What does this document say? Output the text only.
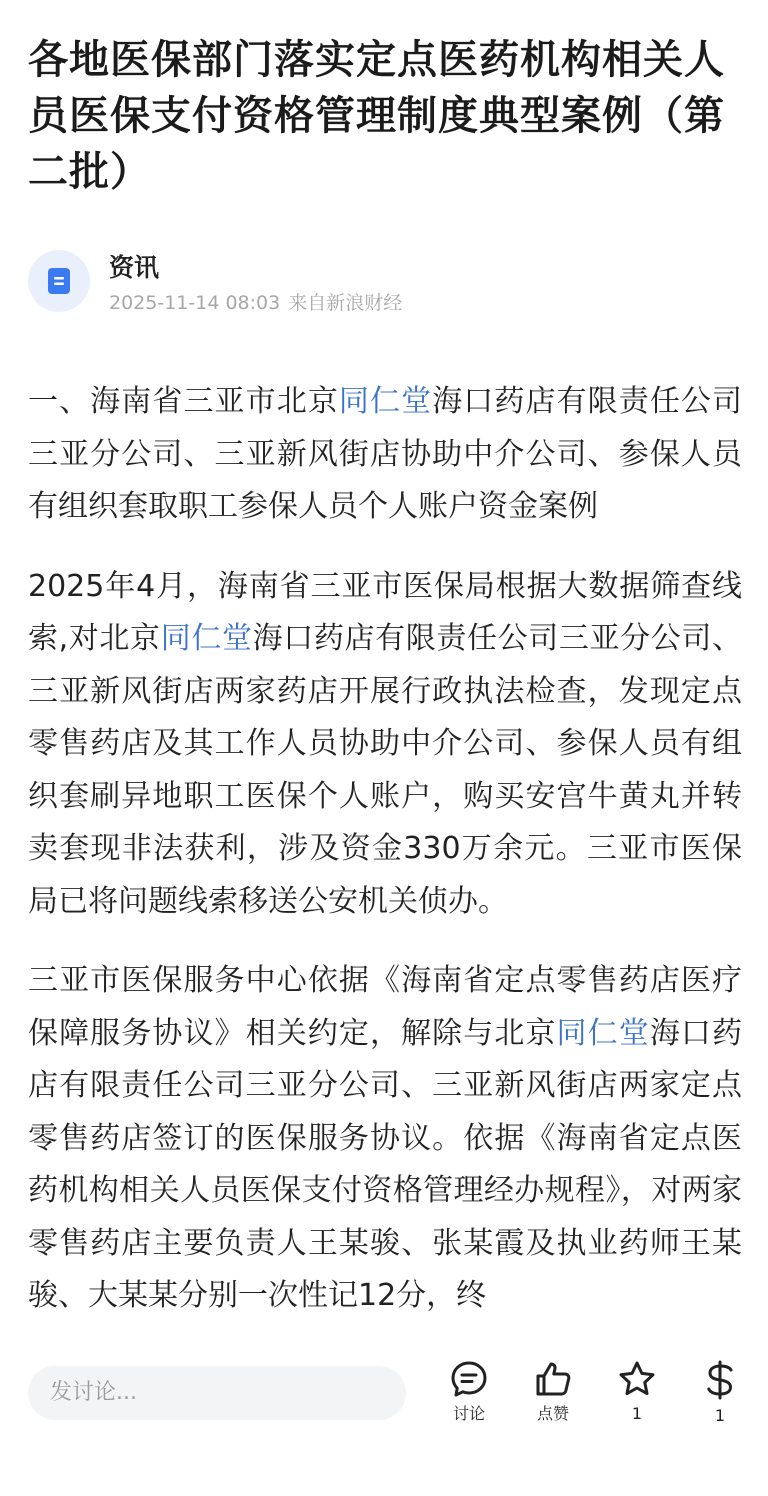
各地医保部门落实定点医药机构相关人员医保支付资格管理制度典型案例（第二批）
资讯
2025-11-14 08:03 来自新浪财经

一、海南省三亚市北京同仁堂海口药店有限责任公司三亚分公司、三亚新风街店协助中介公司、参保人员有组织套取职工参保人员个人账户资金案例

2025年4月，海南省三亚市医保局根据大数据筛查线索,对北京同仁堂海口药店有限责任公司三亚分公司、三亚新风街店两家药店开展行政执法检查，发现定点零售药店及其工作人员协助中介公司、参保人员有组织套刷异地职工医保个人账户，购买安宫牛黄丸并转卖套现非法获利，涉及资金330万余元。三亚市医保局已将问题线索移送公安机关侦办。

三亚市医保服务中心依据《海南省定点零售药店医疗保障服务协议》相关约定，解除与北京同仁堂海口药店有限责任公司三亚分公司、三亚新风街店两家定点零售药店签订的医保服务协议。依据《海南省定点医药机构相关人员医保支付资格管理经办规程》，对两家零售药店主要负责人王某骏、张某霞及执业药师王某骏、大某某分别一次性记12分，终

发讨论...
讨论	点赞	1	1
